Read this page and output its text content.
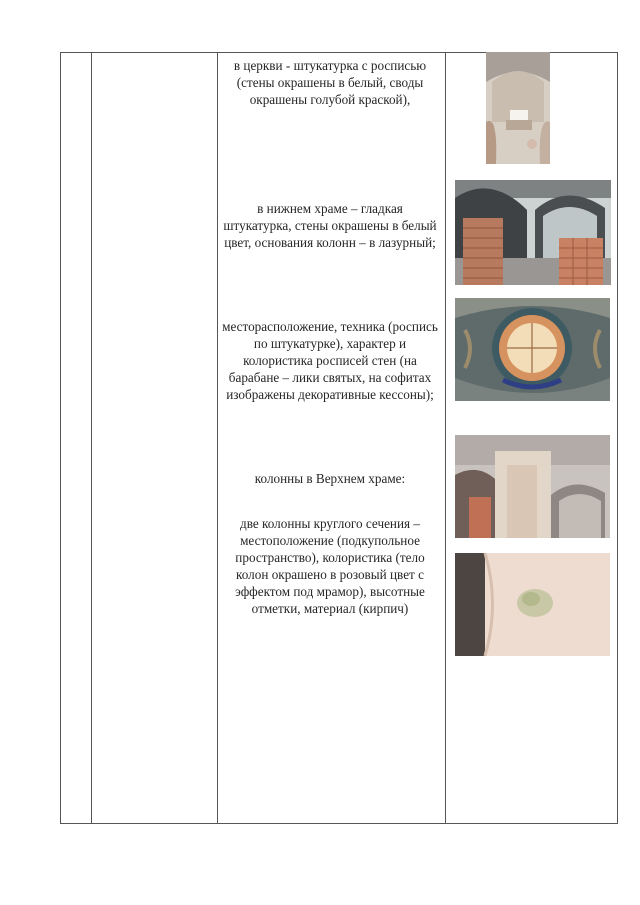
в церкви - штукатурка с росписью (стены окрашены в белый, своды окрашены голубой краской),
в нижнем храме – гладкая штукатурка, стены окрашены в белый цвет, основания колонн – в лазурный;
месторасположение, техника (роспись по штукатурке), характер и колористика росписей стен (на барабане – лики святых, на софитах изображены декоративные кессоны);
колонны в Верхнем храме:
две колонны круглого сечения – местоположение (подкупольное пространство), колористика (тело колон окрашено в розовый цвет с эффектом под мрамор), высотные отметки, материал (кирпич)
